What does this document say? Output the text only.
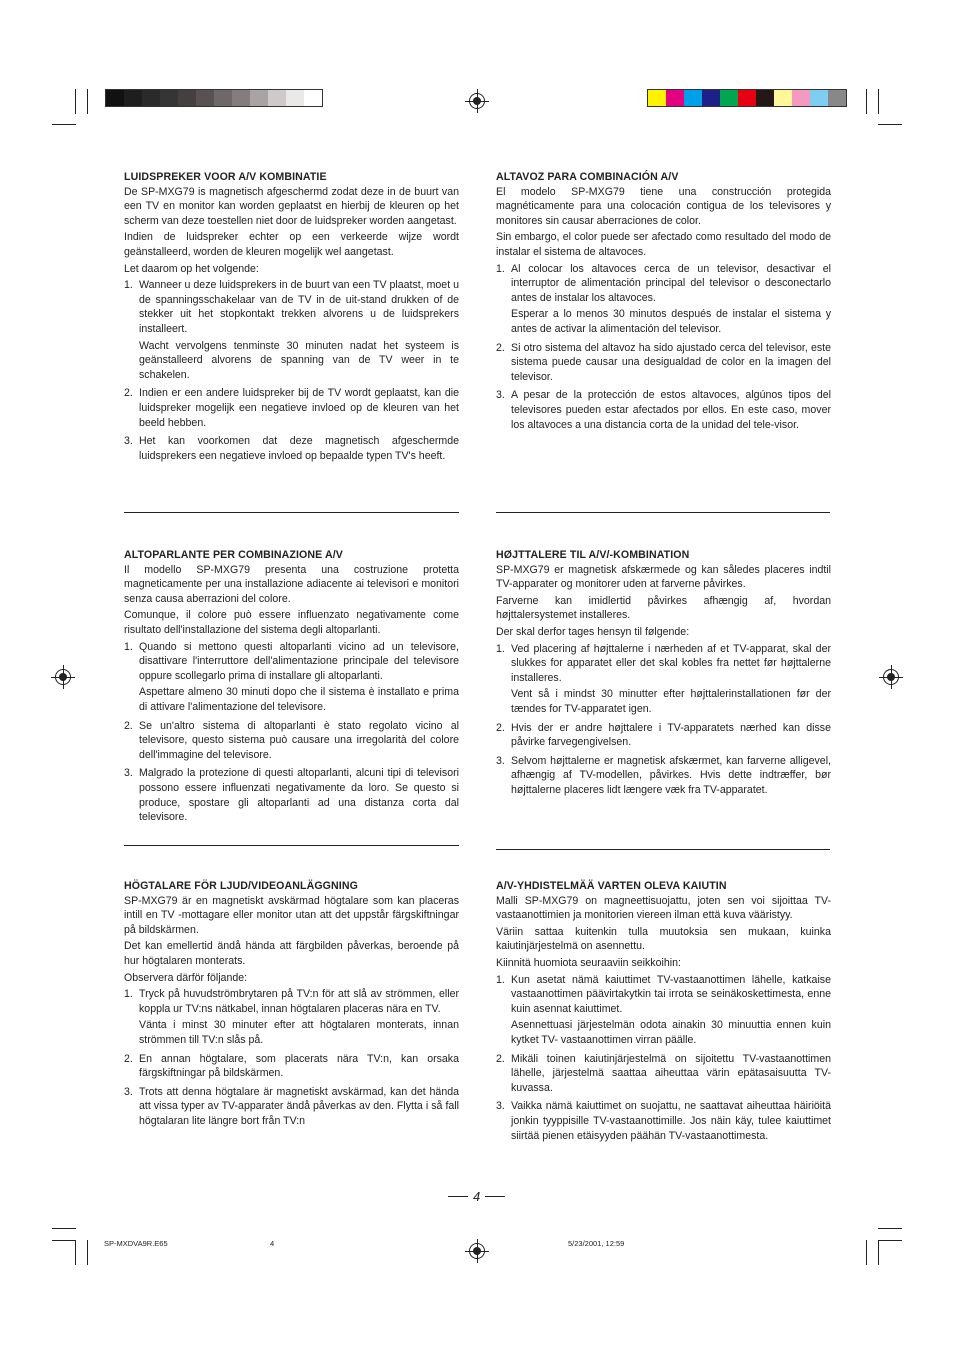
LUIDSPREKER VOOR A/V KOMBINATIE

De SP-MXG79 is magnetisch afgeschermd zodat deze in de buurt van een TV en monitor kan worden geplaatst en hierbij de kleuren op het scherm van deze toestellen niet door de luidspreker worden aangetast.

Indien de luidspreker echter op een verkeerde wijze wordt geänstalleerd, worden de kleuren mogelijk wel aangetast.

Let daarom op het volgende:

1. Wanneer u deze luidsprekers in de buurt van een TV plaatst, moet u de spanningsschakelaar van de TV in de uit-stand drukken of de stekker uit het stopkontakt trekken alvorens u de luidsprekers installeert.

Wacht vervolgens tenminste 30 minuten nadat het systeem is geänstalleerd alvorens de spanning van de TV weer in te schakelen.

2. Indien er een andere luidspreker bij de TV wordt geplaatst, kan die luidspreker mogelijk een negatieve invloed op de kleuren van het beeld hebben.

3. Het kan voorkomen dat deze magnetisch afgeschermde luidsprekers een negatieve invloed op bepaalde typen TV's heeft.

ALTAVOZ PARA COMBINACIÓN A/V

El modelo SP-MXG79 tiene una construcción protegida magnéticamente para una colocación contigua de los televisores y monitores sin causar aberraciones de color.

Sin embargo, el color puede ser afectado como resultado del modo de instalar el sistema de altavoces.

1. Al colocar los altavoces cerca de un televisor, desactivar el interruptor de alimentación principal del televisor o desconectarlo antes de instalar los altavoces.

Esperar a lo menos 30 minutos después de instalar el sistema y antes de activar la alimentación del televisor.

2. Si otro sistema del altavoz ha sido ajustado cerca del televisor, este sistema puede causar una desigualdad de color en la imagen del televisor.

3. A pesar de la protección de estos altavoces, algúnos tipos del televisores pueden estar afectados por ellos. En este caso, mover los altavoces a una distancia corta de la unidad del tele-visor.

ALTOPARLANTE PER COMBINAZIONE A/V

Il modello SP-MXG79 presenta una costruzione protetta magneticamente per una installazione adiacente ai televisori e monitori senza causa aberrazioni del colore.

Comunque, il colore può essere influenzato negativamente come risultato dell'installazione del sistema degli altoparlanti.

1. Quando si mettono questi altoparlanti vicino ad un televisore, disattivare l'interruttore dell'alimentazione principale del televisore oppure scollegarlo prima di installare gli altoparlanti.

Aspettare almeno 30 minuti dopo che il sistema è installato e prima di attivare l'alimentazione del televisore.

2. Se un'altro sistema di altoparlanti è stato regolato vicino al televisore, questo sistema può causare una irregolarità del colore dell'immagine del televisore.

3. Malgrado la protezione di questi altoparlanti, alcuni tipi di televisori possono essere influenzati negativamente da loro. Se questo si produce, spostare gli altoparlanti ad una distanza corta dal televisore.

HØJTTALERE TIL A/V/-KOMBINATION

SP-MXG79 er magnetisk afskærmede og kan således placeres indtil TV-apparater og monitorer uden at farverne påvirkes.

Farverne kan imidlertid påvirkes afhængig af, hvordan højttalersystemet installeres.

Der skal derfor tages hensyn til følgende:

1. Ved placering af højttalerne i nærheden af et TV-apparat, skal der slukkes for apparatet eller det skal kobles fra nettet før højttalerne installeres.

Vent så i mindst 30 minutter efter højttalerinstallationen før der tændes for TV-apparatet igen.

2. Hvis der er andre højttalere i TV-apparatets nærhed kan disse påvirke farvegengivelsen.

3. Selvom højttalerne er magnetisk afskærmet, kan farverne alligevel, afhængig af TV-modellen, påvirkes. Hvis dette indtræffer, bør højttalerne placeres lidt længere væk fra TV-apparatet.

HÖGTALARE FÖR LJUD/VIDEOANLÄGGNING

SP-MXG79 är en magnetiskt avskärmad högtalare som kan placeras intill en TV -mottagare eller monitor utan att det uppstår färgskiftningar på bildskärmen.

Det kan emellertid ändå hända att färgbilden påverkas, beroende på hur högtalaren monterats.

Observera därför följande:

1. Tryck på huvudströmbrytaren på TV:n för att slå av strömmen, eller koppla ur TV:ns nätkabel, innan högtalaren placeras nära en TV.

Vänta i minst 30 minuter efter att högtalaren monterats, innan strömmen till TV:n slås på.

2. En annan högtalare, som placerats nära TV:n, kan orsaka färgskiftningar på bildskärmen.

3. Trots att denna högtalare är magnetiskt avskärmad, kan det hända att vissa typer av TV-apparater ändå påverkas av den. Flytta i så fall högtalaran lite längre bort från TV:n

A/V-YHDISTELMÄÄ VARTEN OLEVA KAIUTIN

Malli SP-MXG79 on magneettisuojattu, joten sen voi sijoittaa TV-vastaanottimien ja monitorien viereen ilman että kuva vääristyy.

Väriin sattaa kuitenkin tulla muutoksia sen mukaan, kuinka kaiutinjärjestelmä on asennettu.

Kiinnitä huomiota seuraaviin seikkoihin:

1. Kun asetat nämä kaiuttimet TV-vastaanottimen lähelle, katkaise vastaanottimen päävirtakytkin tai irrota se seinäkoskettimesta, enne kuin asennat kaiuttimet.

Asennettuasi järjestelmän odota ainakin 30 minuuttia ennen kuin kytket TV- vastaanottimen virran päälle.

2. Mikäli toinen kaiutinjärjestelmä on sijoitettu TV-vastaanottimen lähelle, järjestelmä saattaa aiheuttaa värin epätasaisuutta TV-kuvassa.

3. Vaikka nämä kaiuttimet on suojattu, ne saattavat aiheuttaa häiriöitä jonkin tyyppisille TV-vastaanottimille. Jos näin käy, tulee kaiuttimet siirtää pienen etäisyyden päähän TV-vastaanottimesta.

4
SP-MXDVA9R.E65	4	5/23/2001, 12:59
